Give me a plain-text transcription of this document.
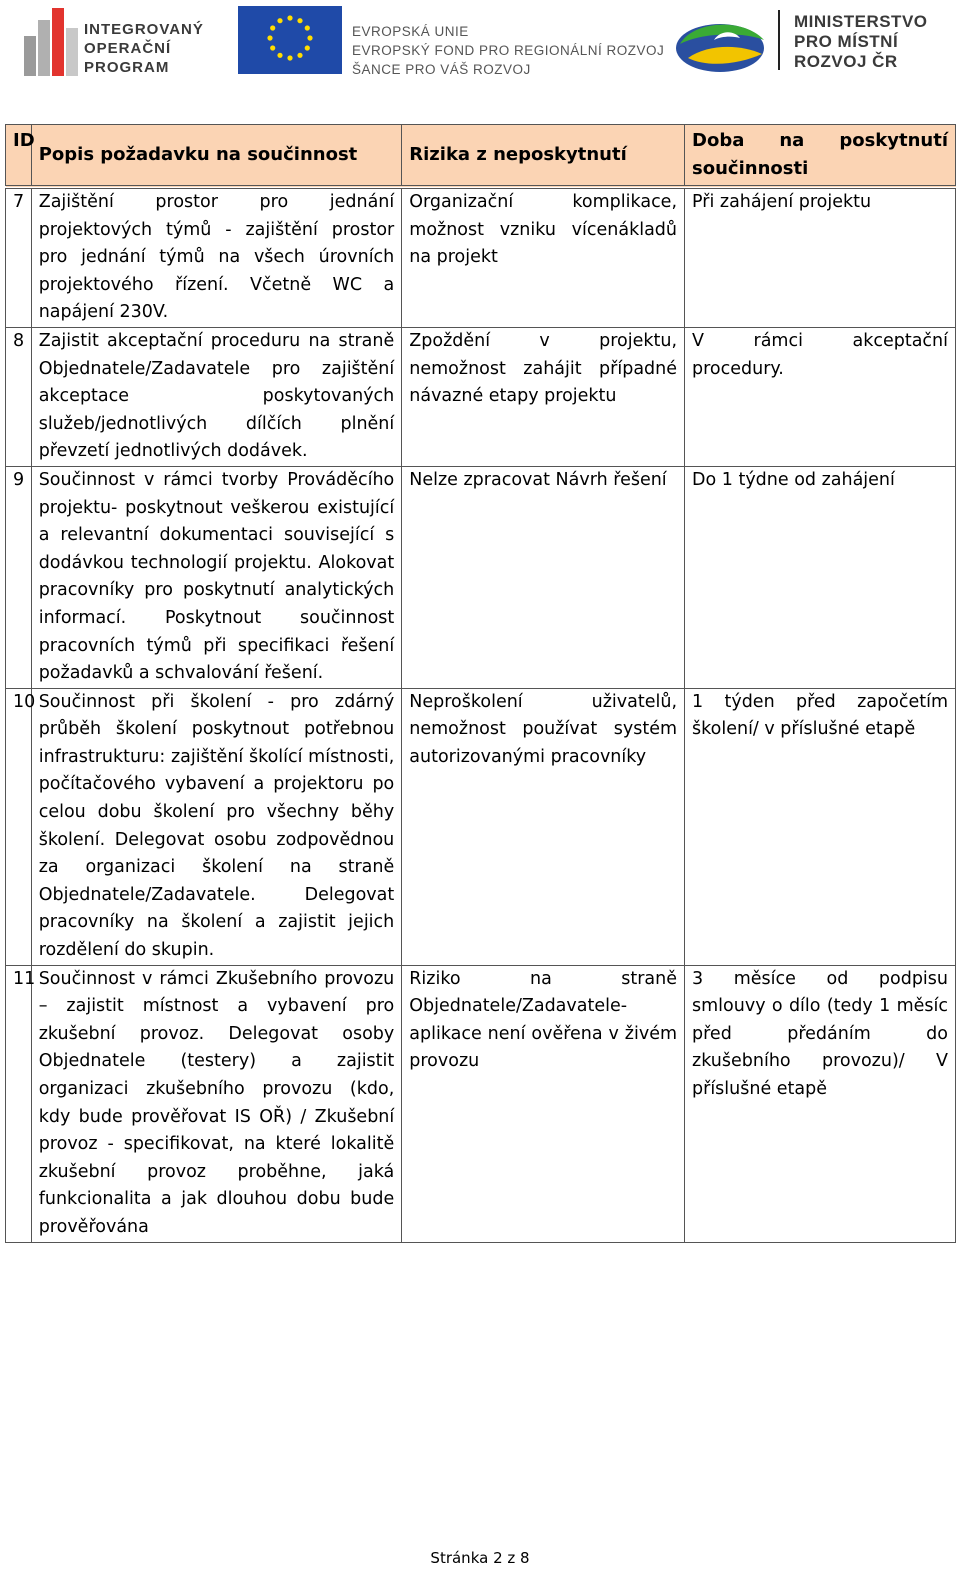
INTEGROVANÝ
OPERAČNÍ
PROGRAM
EVROPSKÁ UNIE
EVROPSKÝ FOND PRO REGIONÁLNÍ ROZVOJ
ŠANCE PRO VÁŠ ROZVOJ
MINISTERSTVO
PRO MÍSTNÍ
ROZVOJ ČR
ID	Popis požadavku na součinnost	Rizika z neposkytnutí	Doba na poskytnutí součinnosti
7	Zajištění prostor pro jednání projektových týmů - zajištění prostor pro jednání týmů na všech úrovních projektového řízení. Včetně WC a napájení 230V.	Organizační komplikace, možnost vzniku vícenákladů na projekt	Při zahájení projektu
8	Zajistit akceptační proceduru na straně Objednatele/Zadavatele pro zajištění akceptace poskytovaných služeb/jednotlivých dílčích plnění převzetí jednotlivých dodávek.	Zpoždění v projektu, nemožnost zahájit případné návazné etapy projektu	V rámci akceptační procedury.
9	Součinnost v rámci tvorby Prováděcího projektu- poskytnout veškerou existující a relevantní dokumentaci související s dodávkou technologií projektu. Alokovat pracovníky pro poskytnutí analytických informací. Poskytnout součinnost pracovních týmů při specifikaci řešení požadavků a schvalování řešení.	Nelze zpracovat Návrh řešení	Do 1 týdne od zahájení
10	Součinnost při školení - pro zdárný průběh školení poskytnout potřebnou infrastrukturu: zajištění školící místnosti, počítačového vybavení a projektoru po celou dobu školení pro všechny běhy školení. Delegovat osobu zodpovědnou za organizaci školení na straně Objednatele/Zadavatele. Delegovat pracovníky na školení a zajistit jejich rozdělení do skupin.	Neproškolení uživatelů, nemožnost používat systém autorizovanými pracovníky	1 týden před započetím školení/ v příslušné etapě
11	Součinnost v rámci Zkušebního provozu – zajistit místnost a vybavení pro zkušební provoz. Delegovat osoby Objednatele (testery) a zajistit organizaci zkušebního provozu (kdo, kdy bude prověřovat IS OŘ) / Zkušební provoz - specifikovat, na které lokalitě zkušební provoz proběhne, jaká funkcionalita a jak dlouhou dobu bude prověřována	Riziko na straně Objednatele/Zadavatele- aplikace není ověřena v živém provozu	3 měsíce od podpisu smlouvy o dílo (tedy 1 měsíc před předáním do zkušebního provozu)/ V příslušné etapě
Stránka 2 z 8
